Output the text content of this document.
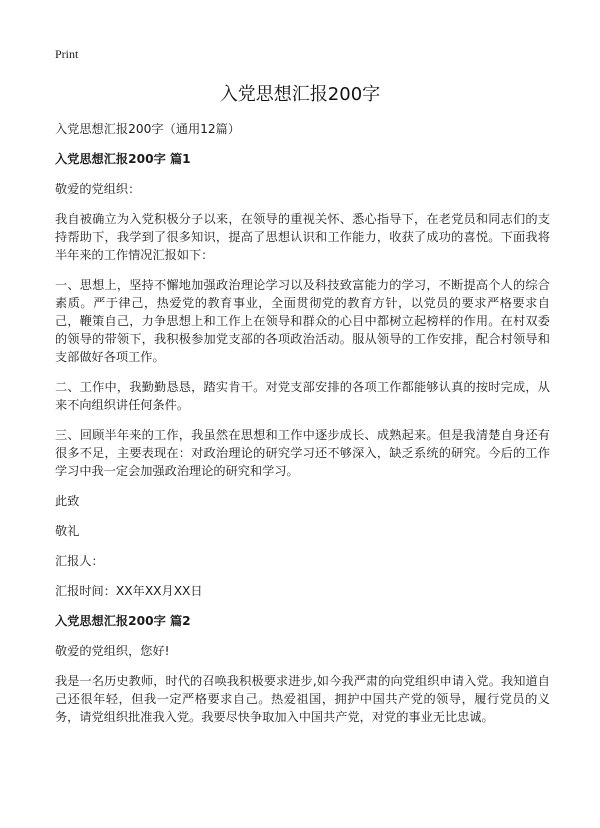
Print
入党思想汇报200字

入党思想汇报200字（通用12篇）

入党思想汇报200字 篇1

敬爱的党组织：

我自被确立为入党积极分子以来，在领导的重视关怀、悉心指导下，在老党员和同志们的支持帮助下，我学到了很多知识，提高了思想认识和工作能力，收获了成功的喜悦。下面我将半年来的工作情况汇报如下：

一、思想上，坚持不懈地加强政治理论学习以及科技致富能力的学习，不断提高个人的综合素质。严于律己，热爱党的教育事业，全面贯彻党的教育方针，以党员的要求严格要求自己，鞭策自己，力争思想上和工作上在领导和群众的心目中都树立起榜样的作用。在村双委的领导的带领下，我积极参加党支部的各项政治活动。服从领导的工作安排，配合村领导和支部做好各项工作。

二、工作中，我勤勤恳恳，踏实肯干。对党支部安排的各项工作都能够认真的按时完成，从来不向组织讲任何条件。

三、回顾半年来的工作，我虽然在思想和工作中逐步成长、成熟起来。但是我清楚自身还有很多不足，主要表现在：对政治理论的研究学习还不够深入，缺乏系统的研究。今后的工作学习中我一定会加强政治理论的研究和学习。

此致

敬礼

汇报人：

汇报时间：XX年XX月XX日

入党思想汇报200字 篇2

敬爱的党组织，您好!

我是一名历史教师，时代的召唤我积极要求进步,如今我严肃的向党组织申请入党。我知道自己还很年轻，但我一定严格要求自己。热爱祖国，拥护中国共产党的领导，履行党员的义务，请党组织批准我入党。我要尽快争取加入中国共产党，对党的事业无比忠诚。
